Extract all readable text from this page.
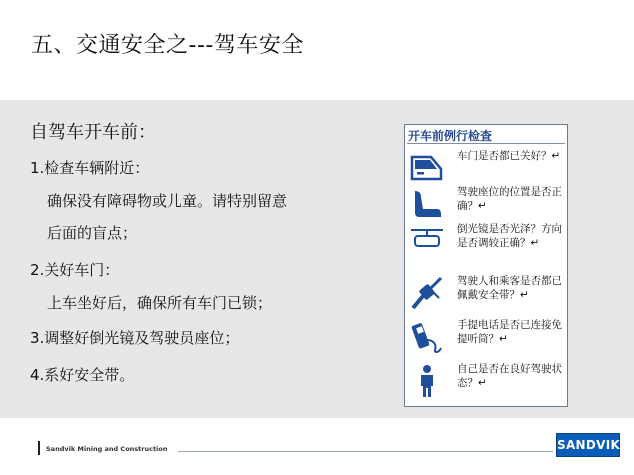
五、交通安全之---驾车安全
自驾车开车前：
1.检查车辆附近：
确保没有障碍物或儿童。请特别留意
后面的盲点；
2.关好车门：
上车坐好后，确保所有车门已锁；
3.调整好倒光镜及驾驶员座位；
4.系好安全带。
开车前例行检查
车门是否都已关好？↵
驾驶座位的位置是否正确？↵
倒光镜是否光泽？方向是否调较正确？↵
驾驶人和乘客是否都已佩戴安全带？↵
手提电话是否已连接免提听筒？↵
自己是否在良好驾驶状态？↵
Sandvik Mining and Construction	SANDVIK
